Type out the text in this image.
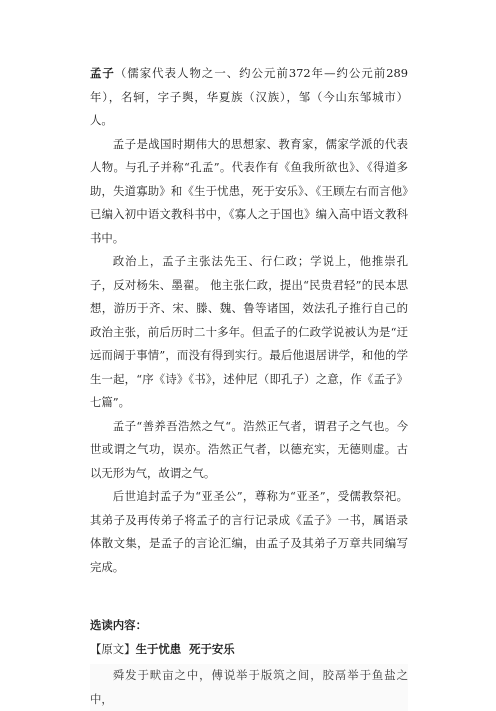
孟子（儒家代表人物之一、约公元前372年—约公元前289年），名轲，字子舆，华夏族（汉族），邹（今山东邹城市）人。

孟子是战国时期伟大的思想家、教育家，儒家学派的代表人物。与孔子并称“孔孟”。代表作有《鱼我所欲也》、《得道多助，失道寡助》和《生于忧患，死于安乐》、《王顾左右而言他》已编入初中语文教科书中，《寡人之于国也》编入高中语文教科书中。

政治上，孟子主张法先王、行仁政；学说上，他推崇孔子，反对杨朱、墨翟。 他主张仁政，提出“民贵君轻”的民本思想，游历于齐、宋、滕、魏、鲁等诸国，效法孔子推行自己的政治主张，前后历时二十多年。但孟子的仁政学说被认为是“迂远而阔于事情”，而没有得到实行。最后他退居讲学，和他的学生一起，“序《诗》《书》，述仲尼（即孔子）之意，作《孟子》七篇”。

孟子“善养吾浩然之气“。浩然正气者，谓君子之气也。今世或谓之气功，误亦。浩然正气者，以德充实，无德则虚。古以无形为气，故谓之气。

后世追封孟子为“亚圣公”，尊称为“亚圣”，受儒教祭祀。其弟子及再传弟子将孟子的言行记录成《孟子》一书，属语录体散文集，是孟子的言论汇编，由孟子及其弟子万章共同编写完成。

选读内容：

【原文】生于忧患  死于安乐

舜发于畎亩之中，傅说举于版筑之间，胶鬲举于鱼盐之中，
